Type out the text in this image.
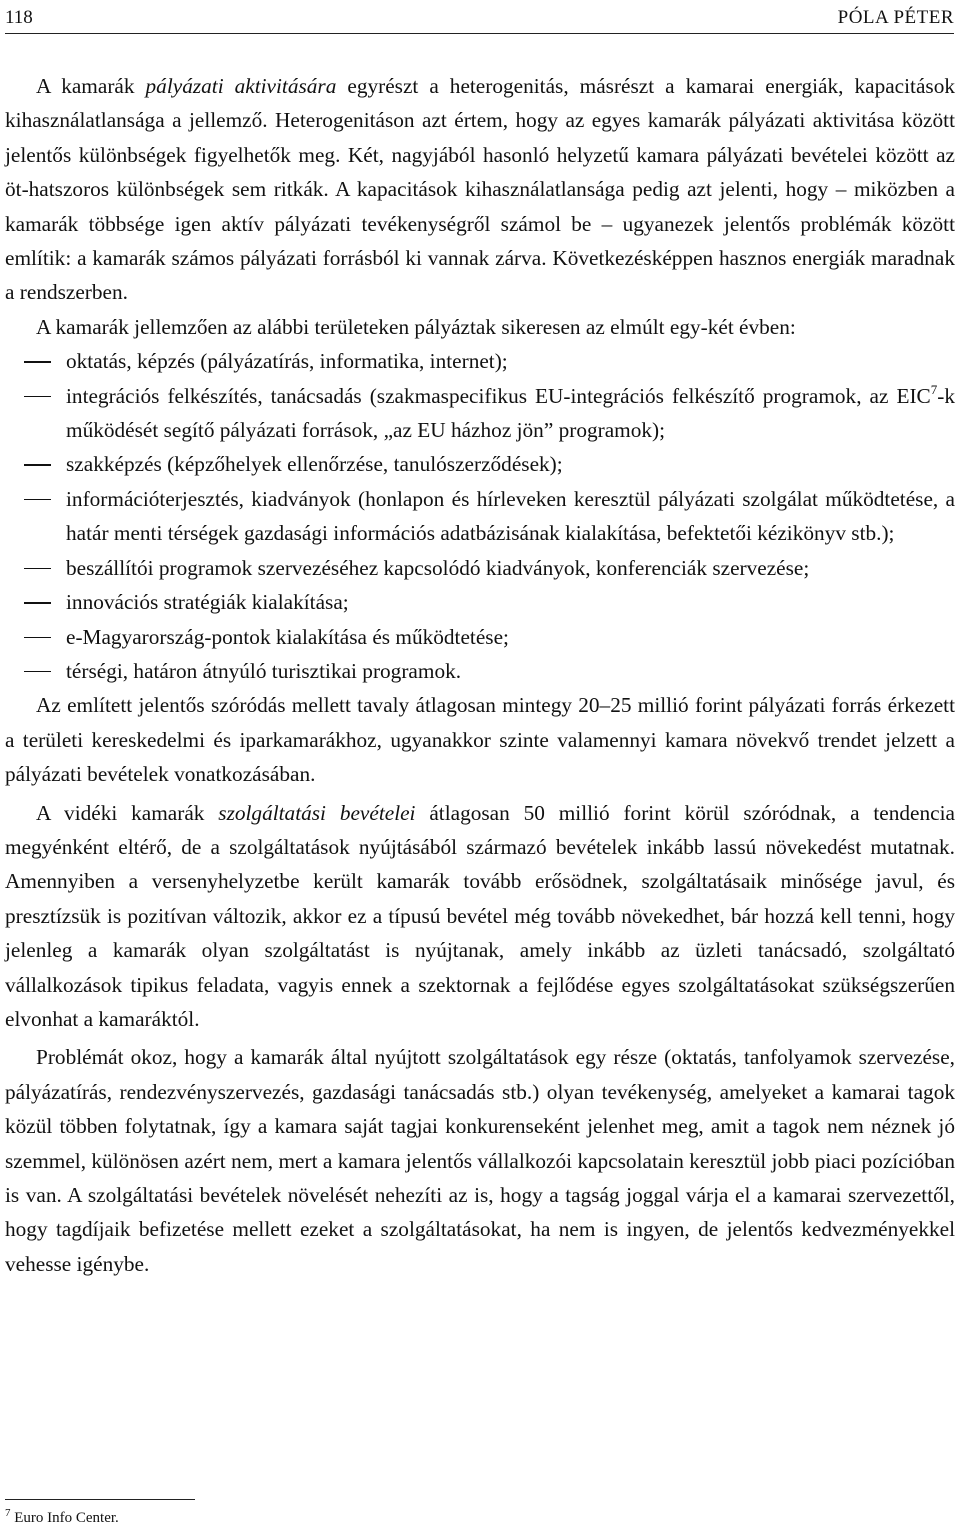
118	PÓLA PÉTER

A kamarák pályázati aktivitására egyrészt a heterogenitás, másrészt a kamarai energiák, kapacitások kihasználatlansága a jellemző. Heterogenitáson azt értem, hogy az egyes kamarák pályázati aktivitása között jelentős különbségek figyelhetők meg. Két, nagyjából hasonló helyzetű kamara pályázati bevételei között az öt-hatszoros különbségek sem ritkák. A kapacitások kihasználatlansága pedig azt jelenti, hogy – miközben a kamarák többsége igen aktív pályázati tevékenységről számol be – ugyanezek jelentős problémák között említik: a kamarák számos pályázati forrásból ki vannak zárva. Következésképpen hasznos energiák maradnak a rendszerben.

A kamarák jellemzően az alábbi területeken pályáztak sikeresen az elmúlt egy-két évben:

oktatás, képzés (pályázatírás, informatika, internet);
integrációs felkészítés, tanácsadás (szakmaspecifikus EU-integrációs felkészítő programok, az EIC$^7$-k működését segítő pályázati források, „az EU házhoz jön” programok);
szakképzés (képzőhelyek ellenőrzése, tanulószerződések);
információterjesztés, kiadványok (honlapon és hírleveken keresztül pályázati szolgálat működtetése, a határ menti térségek gazdasági információs adatbázisának kialakítása, befektetői kézikönyv stb.);
beszállítói programok szervezéséhez kapcsolódó kiadványok, konferenciák szervezése;
innovációs stratégiák kialakítása;
e-Magyarország-pontok kialakítása és működtetése;
térségi, határon átnyúló turisztikai programok.

Az említett jelentős szóródás mellett tavaly átlagosan mintegy 20–25 millió forint pályázati forrás érkezett a területi kereskedelmi és iparkamarákhoz, ugyanakkor szinte valamennyi kamara növekvő trendet jelzett a pályázati bevételek vonatkozásában.

A vidéki kamarák szolgáltatási bevételei átlagosan 50 millió forint körül szóródnak, a tendencia megyénként eltérő, de a szolgáltatások nyújtásából származó bevételek inkább lassú növekedést mutatnak. Amennyiben a versenyhelyzetbe került kamarák tovább erősödnek, szolgáltatásaik minősége javul, és presztízsük is pozitívan változik, akkor ez a típusú bevétel még tovább növekedhet, bár hozzá kell tenni, hogy jelenleg a kamarák olyan szolgáltatást is nyújtanak, amely inkább az üzleti tanácsadó, szolgáltató vállalkozások tipikus feladata, vagyis ennek a szektornak a fejlődése egyes szolgáltatásokat szükségszerűen elvonhat a kamaráktól.

Problémát okoz, hogy a kamarák által nyújtott szolgáltatások egy része (oktatás, tanfolyamok szervezése, pályázatírás, rendezvényszervezés, gazdasági tanácsadás stb.) olyan tevékenység, amelyeket a kamarai tagok közül többen folytatnak, így a kamara saját tagjai konkurenseként jelenhet meg, amit a tagok nem néznek jó szemmel, különösen azért nem, mert a kamara jelentős vállalkozói kapcsolatain keresztül jobb piaci pozícióban is van. A szolgáltatási bevételek növelését nehezíti az is, hogy a tagság joggal várja el a kamarai szervezettől, hogy tagdíjaik befizetése mellett ezeket a szolgáltatásokat, ha nem is ingyen, de jelentős kedvezményekkel vehesse igénybe.

$^7$ Euro Info Center.
